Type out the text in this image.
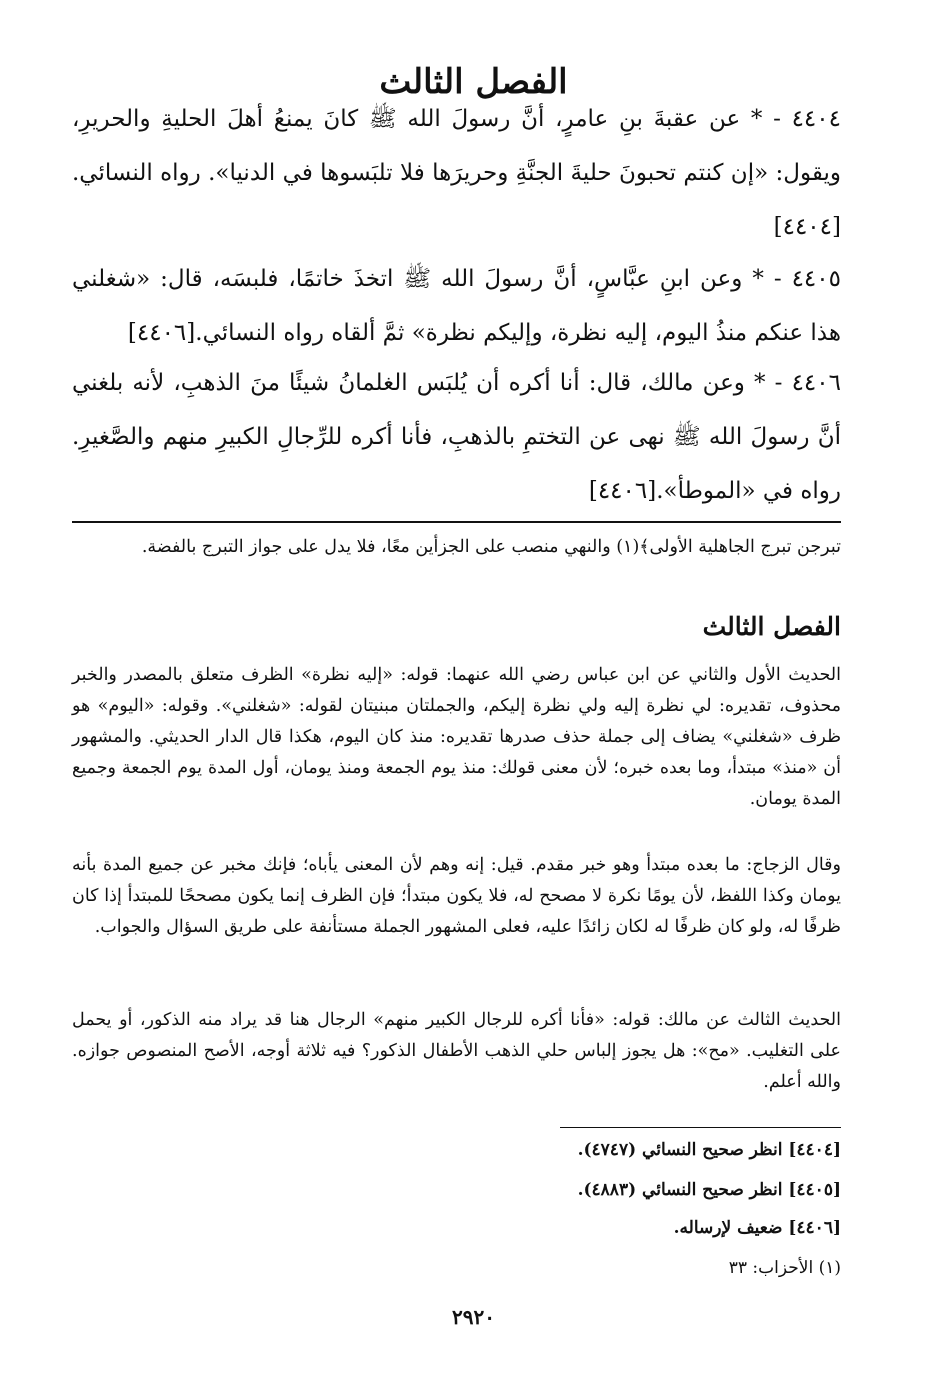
الفصل الثالث

٤٤٠٤ - * عن عقبةَ بنِ عامرٍ، أنَّ رسولَ الله ﷺ كانَ يمنعُ أهلَ الحليةِ والحريرِ، ويقول: «إن كنتم تحبونَ حليةَ الجنَّةِ وحريرَها فلا تلبَسوها في الدنيا». رواه النسائي.[٤٤٠٤]

٤٤٠٥ - * وعن ابنِ عبَّاسٍ، أنَّ رسولَ الله ﷺ اتخذَ خاتمًا، فلبسَه، قال: «شغلني هذا عنكم منذُ اليوم، إليه نظرة، وإليكم نظرة» ثمَّ ألقاه رواه النسائي.[٤٤٠٦]

٤٤٠٦ - * وعن مالك، قال: أنا أكره أن يُلبَس الغلمانُ شيئًا منَ الذهبِ، لأنه بلغني أنَّ رسولَ الله ﷺ نهى عن التختمِ بالذهبِ، فأنا أكره للرِّجالِ الكبيرِ منهم والصَّغيرِ. رواه في «الموطأ».[٤٤٠٦]

تبرجن تبرج الجاهلية الأولى﴾(١) والنهي منصب على الجزأين معًا، فلا يدل على جواز التبرج بالفضة.

الفصل الثالث

الحديث الأول والثاني عن ابن عباس رضي الله عنهما: قوله: «إليه نظرة» الظرف متعلق بالمصدر والخبر محذوف، تقديره: لي نظرة إليه ولي نظرة إليكم، والجملتان مبنيتان لقوله: «شغلني». وقوله: «اليوم» هو ظرف «شغلني» يضاف إلى جملة حذف صدرها تقديره: منذ كان اليوم، هكذا قال الدار الحديثي. والمشهور أن «منذ» مبتدأ، وما بعده خبره؛ لأن معنى قولك: منذ يوم الجمعة ومنذ يومان، أول المدة يوم الجمعة وجميع المدة يومان.

وقال الزجاج: ما بعده مبتدأ وهو خبر مقدم. قيل: إنه وهم لأن المعنى يأباه؛ فإنك مخبر عن جميع المدة بأنه يومان وكذا اللفظ، لأن يومًا نكرة لا مصحح له، فلا يكون مبتدأ؛ فإن الظرف إنما يكون مصححًا للمبتدأ إذا كان ظرفًا له، ولو كان ظرفًا له لكان زائدًا عليه، فعلى المشهور الجملة مستأنفة على طريق السؤال والجواب.

الحديث الثالث عن مالك: قوله: «فأنا أكره للرجال الكبير منهم» الرجال هنا قد يراد منه الذكور، أو يحمل على التغليب. «مح»: هل يجوز إلباس حلي الذهب الأطفال الذكور؟ فيه ثلاثة أوجه، الأصح المنصوص جوازه. والله أعلم.

[٤٤٠٤] انظر صحيح النسائي (٤٧٤٧).
[٤٤٠٥] انظر صحيح النسائي (٤٨٨٣).
[٤٤٠٦] ضعيف لإرساله.
(١) الأحزاب: ٣٣
٢٩٢٠
